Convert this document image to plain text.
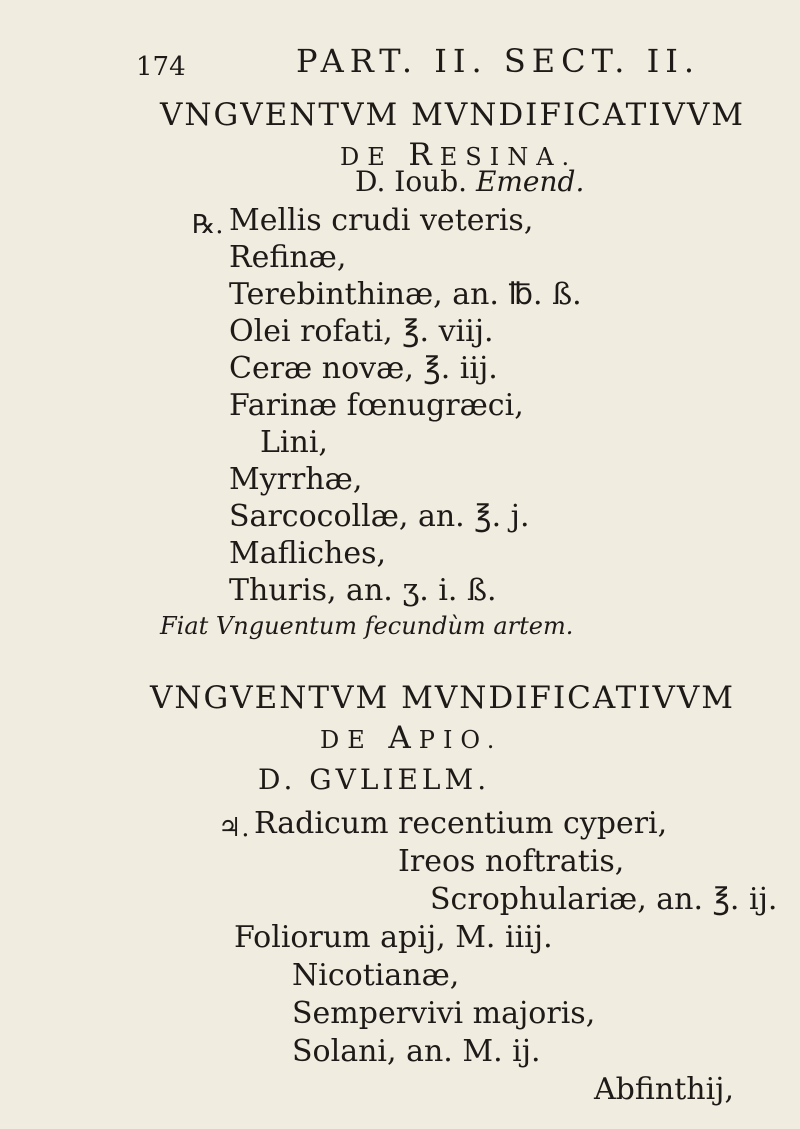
174	PART. II. SECT. II.
VNGVENTVM MVNDIFICATIVVM
DE RESINA.
D. Ioub. Emend.
℞. Mellis crudi veteris,
Refinæ,
Terebinthinæ, an. ℔. ß.
Olei rofati, ℥. viij.
Ceræ novæ, ℥. iij.
Farinæ fœnugræci,
Lini,
Myrrhæ,
Sarcocollæ, an. ℥. j.
Mafliches,
Thuris, an. ʒ. i. ß.
Fiat Vnguentum fecundùm artem.
VNGVENTVM MVNDIFICATIVVM
DE APIO.
D. GVLIELM.
♃. Radicum recentium cyperi,
Ireos noftratis,
Scrophulariæ, an. ℥. ij.
Foliorum apij, M. iiij.
Nicotianæ,
Sempervivi majoris,
Solani, an. M. ij.
Abfinthij,
